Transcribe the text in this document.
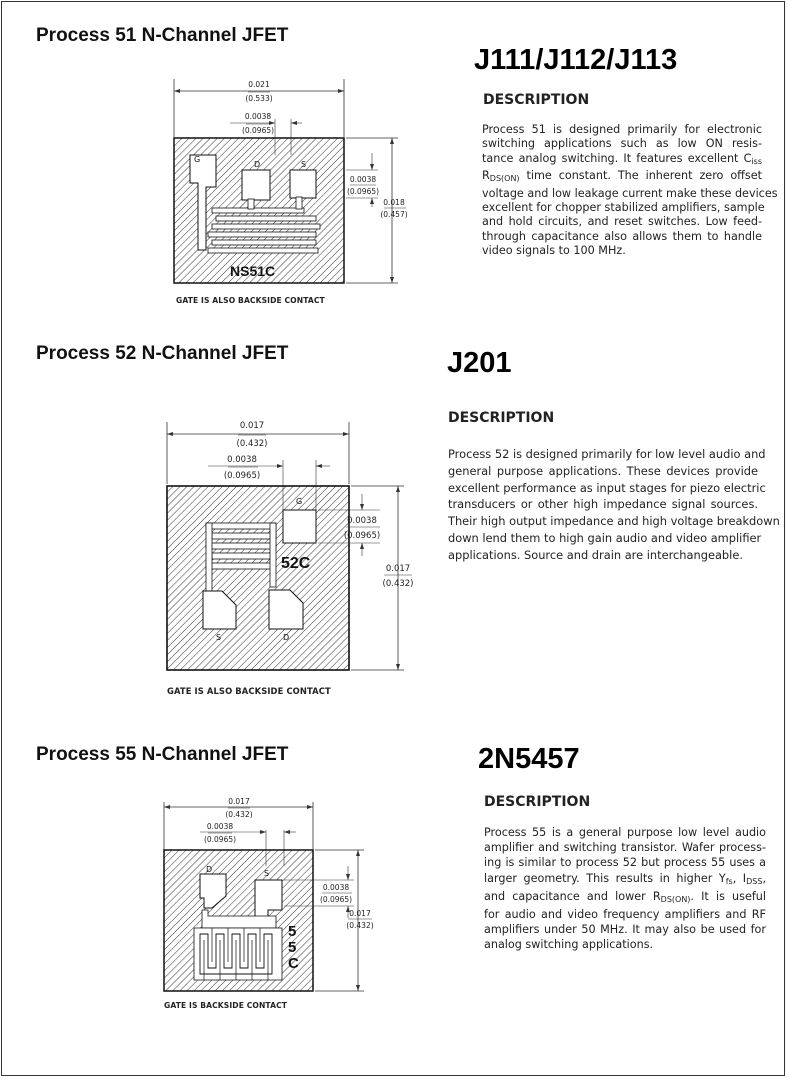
Process 51 N-Channel JFET
J111/J112/J113
DESCRIPTION
Process 51 is designed primarily for electronic
switching applications such as low ON resis-
tance analog switching. It features excellent $C_{iss}$
$R_{DS(ON)}$ time constant. The inherent zero offset
voltage and low leakage current make these devices
excellent for chopper stabilized amplifiers, sample
and hold circuits, and reset switches. Low feed-
through capacitance also allows them to handle
video signals to 100 MHz.
0.021
(0.533)
0.0038
(0.0965)
G
D	S
NS51C
0.0038
(0.0965)
0.018
(0.457)
GATE IS ALSO BACKSIDE CONTACT
Process 52 N-Channel JFET	J201
DESCRIPTION
Process 52 is designed primarily for low level audio and
general purpose applications. These devices provide
excellent performance as input stages for piezo electric
transducers or other high impedance signal sources.
Their high output impedance and high voltage breakdown
down lend them to high gain audio and video amplifier
applications. Source and drain are interchangeable.
0.017
(0.432)
0.0038
(0.0965)
G
52C
S	D
0.0038
(0.0965)
0.017
(0.432)
GATE IS ALSO BACKSIDE CONTACT
Process 55 N-Channel JFET	2N5457
DESCRIPTION
Process 55 is a general purpose low level audio
amplifier and switching transistor. Wafer process-
ing is similar to process 52 but process 55 uses a
larger geometry. This results in higher $Y_{fs}$, $I_{DSS}$,
and capacitance and lower $R_{DS(ON)}$. It is useful
for audio and video frequency amplifiers and RF
amplifiers under 50 MHz. It may also be used for
analog switching applications.
0.017
(0.432)
0.0038
(0.0965)
D	S
5
5
C
0.0038
(0.0965)
0.017
(0.432)
GATE IS BACKSIDE CONTACT
